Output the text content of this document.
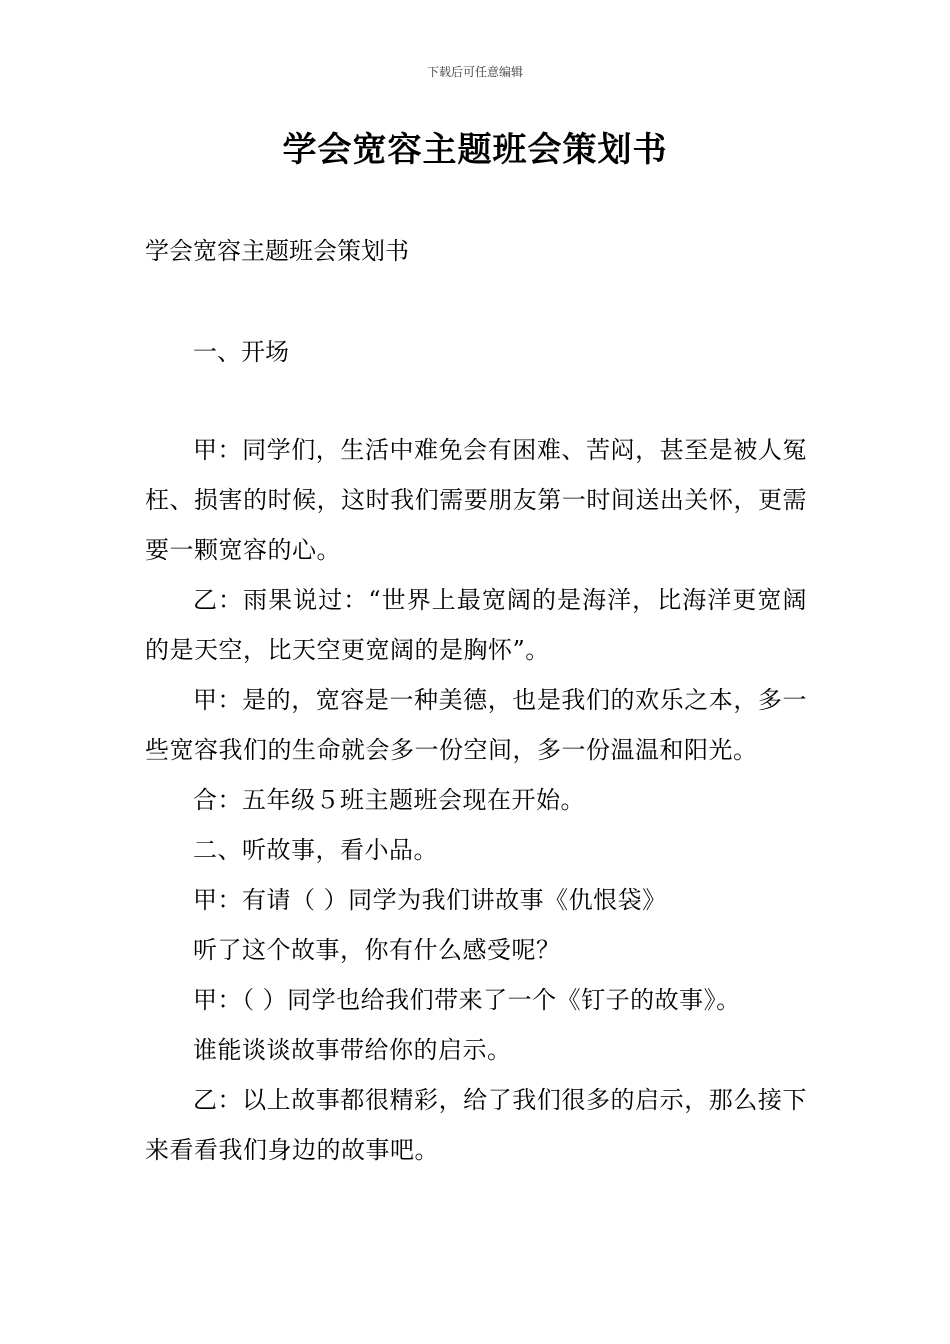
下载后可任意编辑
学会宽容主题班会策划书

学会宽容主题班会策划书

一、开场

甲：同学们，生活中难免会有困难、苦闷，甚至是被人冤枉、损害的时候，这时我们需要朋友第一时间送出关怀，更需要一颗宽容的心。

乙：雨果说过：“世界上最宽阔的是海洋，比海洋更宽阔的是天空，比天空更宽阔的是胸怀”。

甲：是的，宽容是一种美德，也是我们的欢乐之本，多一些宽容我们的生命就会多一份空间，多一份温温和阳光。

合：五年级５班主题班会现在开始。

二、听故事，看小品。

甲：有请（ ）同学为我们讲故事《仇恨袋》

听了这个故事，你有什么感受呢？

甲：（ ）同学也给我们带来了一个《钉子的故事》。

谁能谈谈故事带给你的启示。

乙：以上故事都很精彩，给了我们很多的启示，那么接下来看看我们身边的故事吧。
